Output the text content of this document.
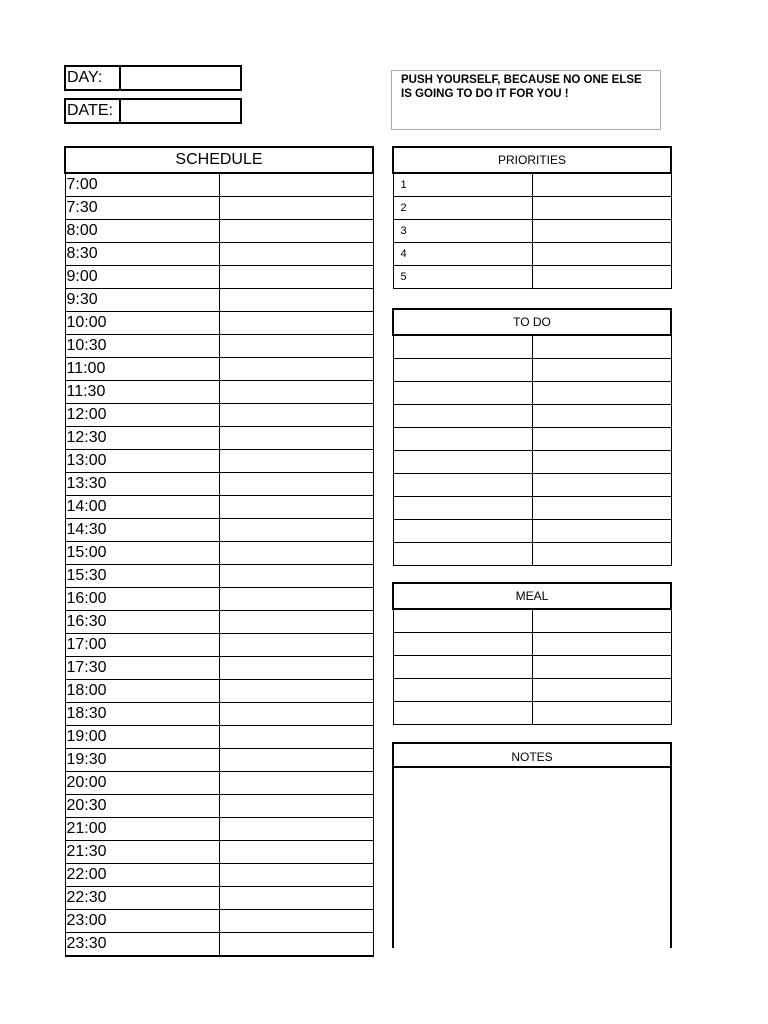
DAY:
DATE:
PUSH YOURSELF, BECAUSE NO ONE ELSE IS GOING TO DO IT FOR YOU !
SCHEDULE	
7:00	
7:30	
8:00	
8:30	
9:00	
9:30	
10:00	
10:30	
11:00	
11:30	
12:00	
12:30	
13:00	
13:30	
14:00	
14:30	
15:00	
15:30	
16:00	
16:30	
17:00	
17:30	
18:00	
18:30	
19:00	
19:30	
20:00	
20:30	
21:00	
21:30	
22:00	
22:30	
23:00	
23:30	
PRIORITIES	
1	
2	
3	
4	
5	
TO DO	

MEAL	

NOTES
